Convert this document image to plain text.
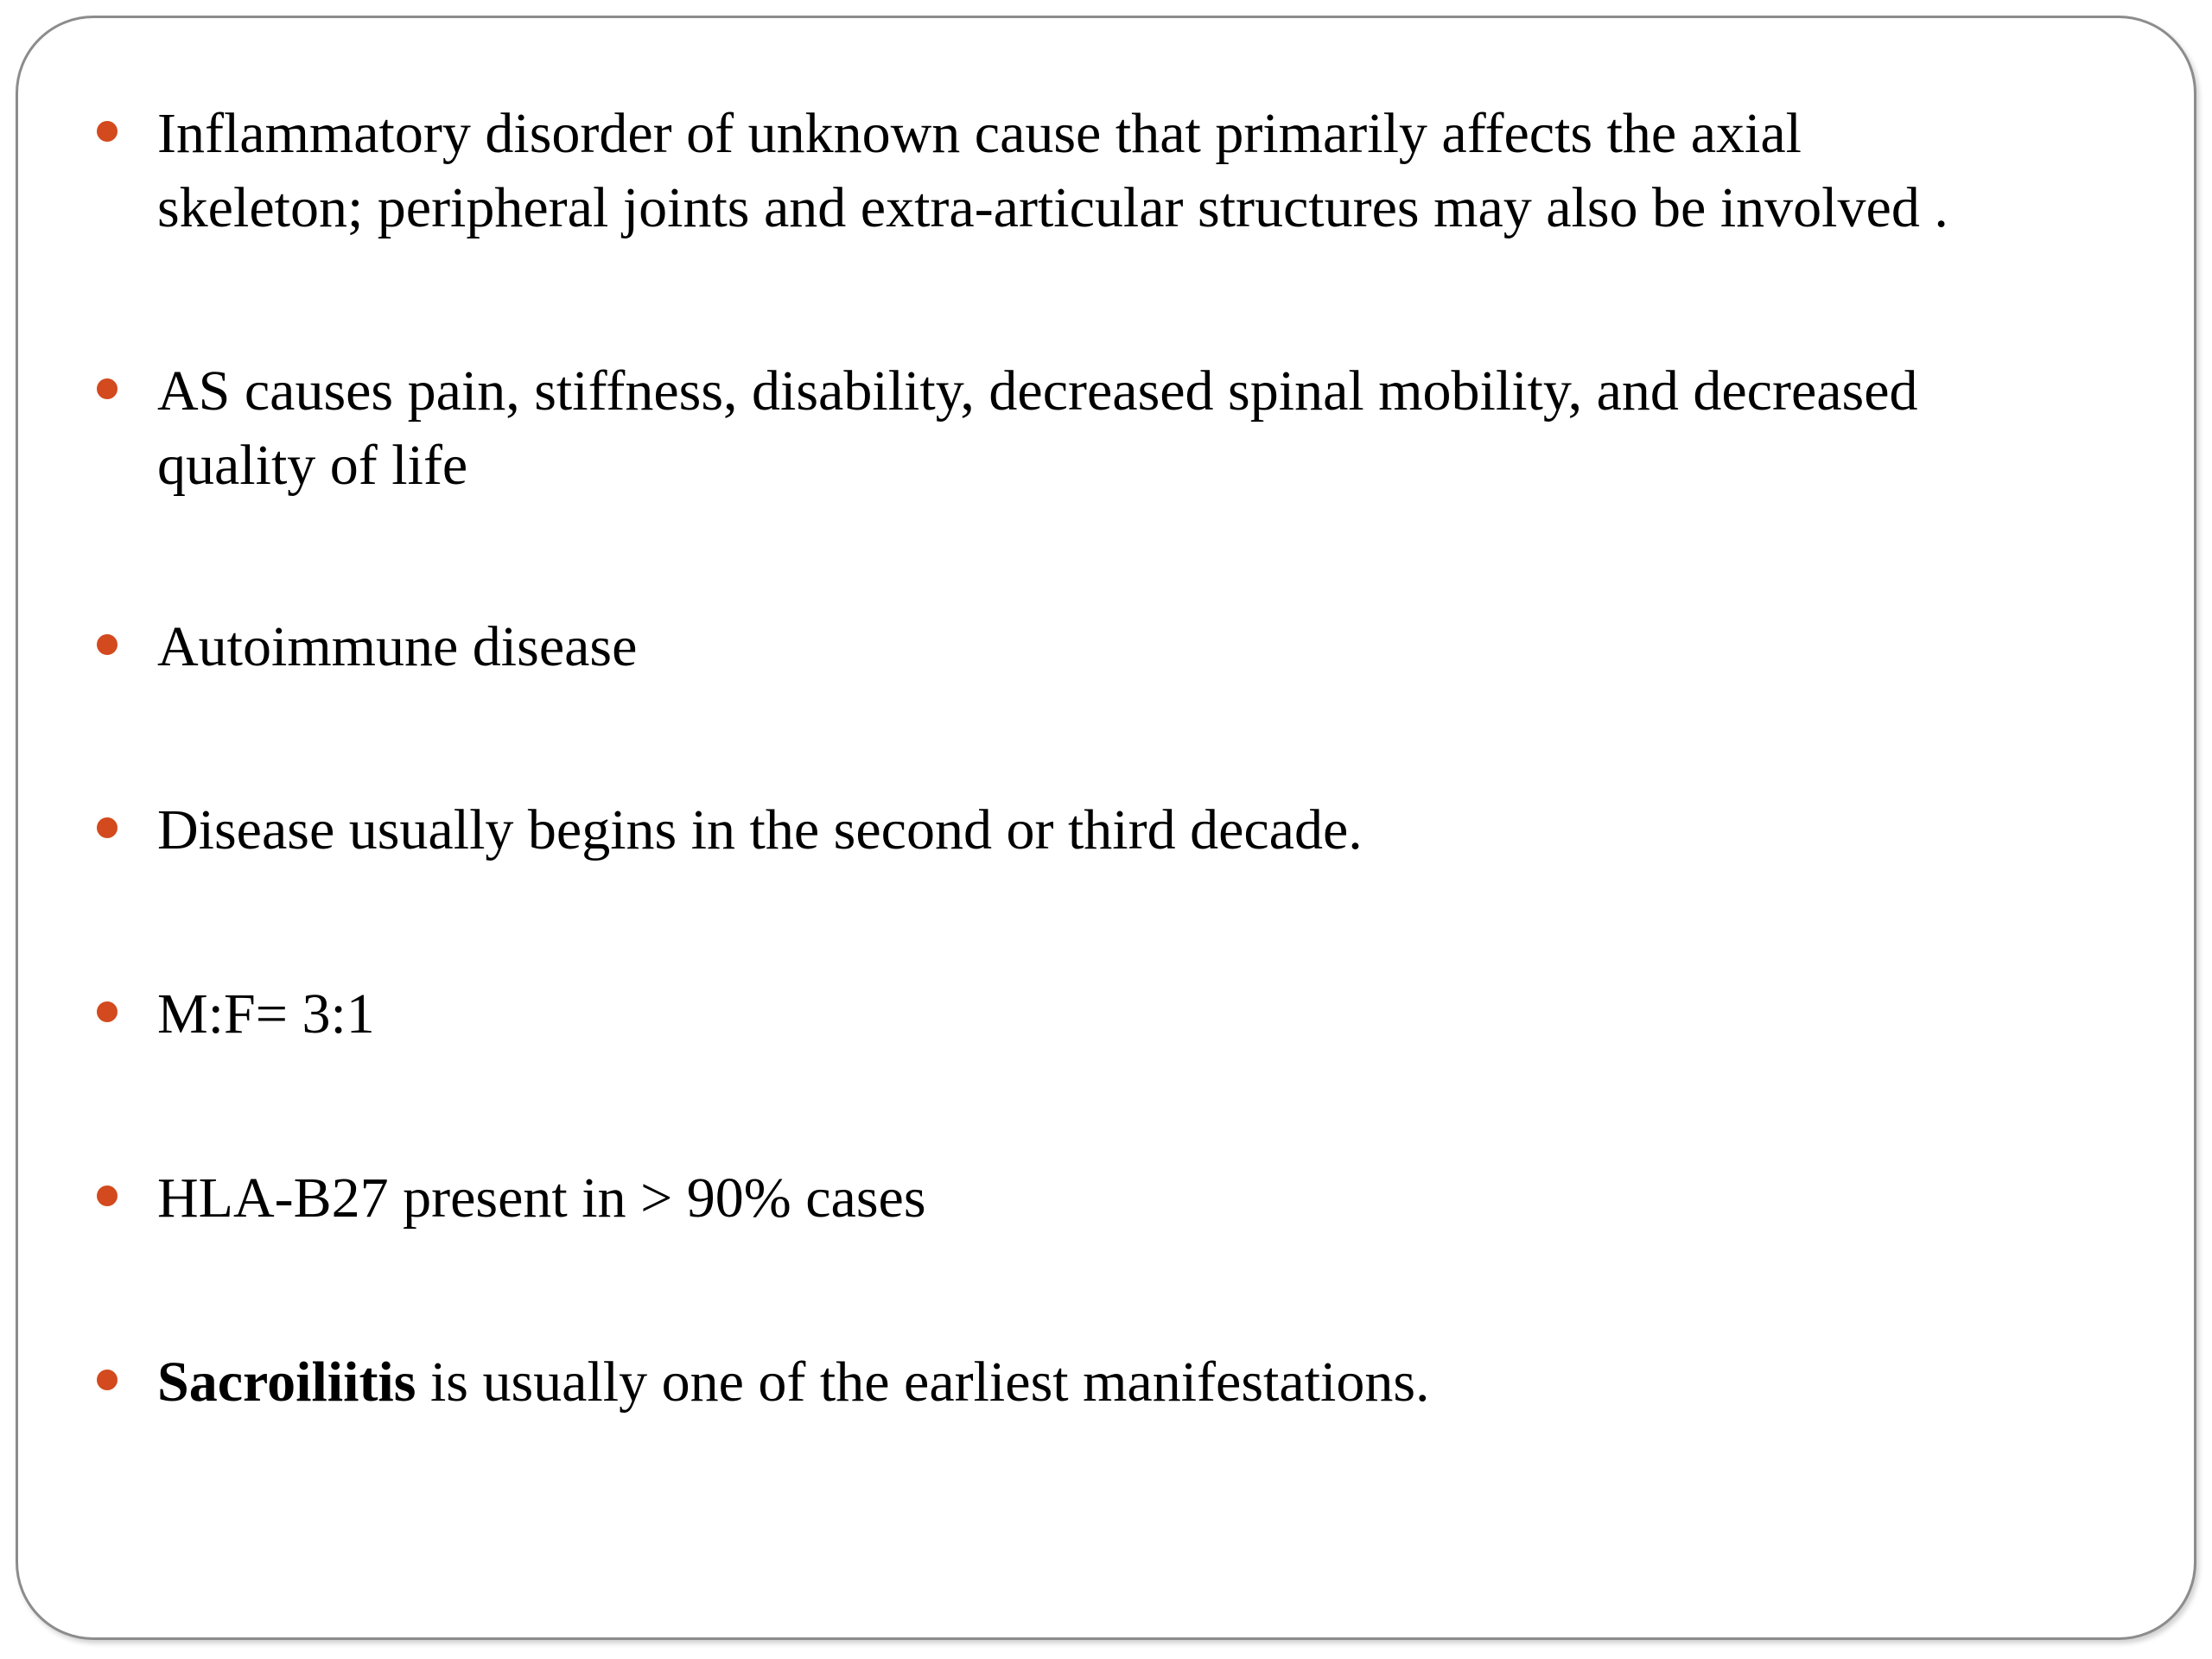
Inflammatory disorder of unknown cause that primarily affects the axial
skeleton; peripheral joints and extra-articular structures may also be involved .
AS causes pain, stiffness, disability, decreased spinal mobility, and decreased
quality of life
Autoimmune disease
Disease usually begins in the second or third decade.
M:F= 3:1
HLA-B27 present in > 90% cases
Sacroiliitis is usually one of the earliest manifestations.
